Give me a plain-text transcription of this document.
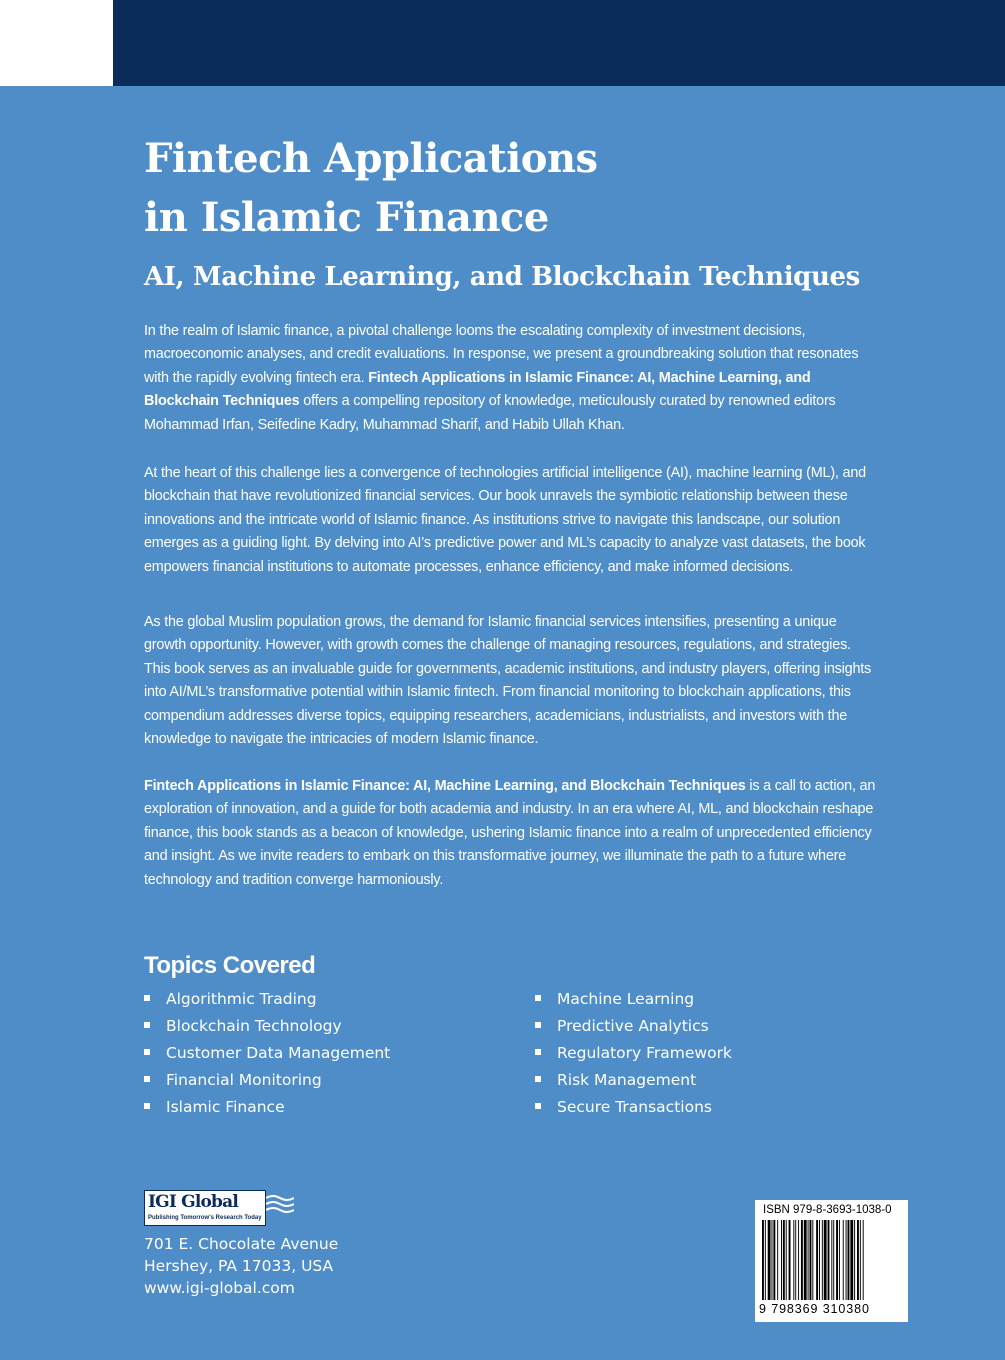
Fintech Applications
in Islamic Finance
AI, Machine Learning, and Blockchain Techniques

In the realm of Islamic finance, a pivotal challenge looms the escalating complexity of investment decisions, macroeconomic analyses, and credit evaluations. In response, we present a groundbreaking solution that resonates with the rapidly evolving fintech era. Fintech Applications in Islamic Finance: AI, Machine Learning, and Blockchain Techniques offers a compelling repository of knowledge, meticulously curated by renowned editors Mohammad Irfan, Seifedine Kadry, Muhammad Sharif, and Habib Ullah Khan.

At the heart of this challenge lies a convergence of technologies artificial intelligence (AI), machine learning (ML), and blockchain that have revolutionized financial services. Our book unravels the symbiotic relationship between these innovations and the intricate world of Islamic finance. As institutions strive to navigate this landscape, our solution emerges as a guiding light. By delving into AI’s predictive power and ML’s capacity to analyze vast datasets, the book empowers financial institutions to automate processes, enhance efficiency, and make informed decisions.

As the global Muslim population grows, the demand for Islamic financial services intensifies, presenting a unique growth opportunity. However, with growth comes the challenge of managing resources, regulations, and strategies. This book serves as an invaluable guide for governments, academic institutions, and industry players, offering insights into AI/ML’s transformative potential within Islamic fintech. From financial monitoring to blockchain applications, this compendium addresses diverse topics, equipping researchers, academicians, industrialists, and investors with the knowledge to navigate the intricacies of modern Islamic finance.

Fintech Applications in Islamic Finance: AI, Machine Learning, and Blockchain Techniques is a call to action, an exploration of innovation, and a guide for both academia and industry. In an era where AI, ML, and blockchain reshape finance, this book stands as a beacon of knowledge, ushering Islamic finance into a realm of unprecedented efficiency and insight. As we invite readers to embark on this transformative journey, we illuminate the path to a future where technology and tradition converge harmoniously.

Topics Covered
Algorithmic Trading
Blockchain Technology
Customer Data Management
Financial Monitoring
Islamic Finance
Machine Learning
Predictive Analytics
Regulatory Framework
Risk Management
Secure Transactions
IGI Global
Publishing Tomorrow's Research Today
701 E. Chocolate Avenue
Hershey, PA 17033, USA
www.igi-global.com
ISBN 979-8-3693-1038-0
9 798369 310380
